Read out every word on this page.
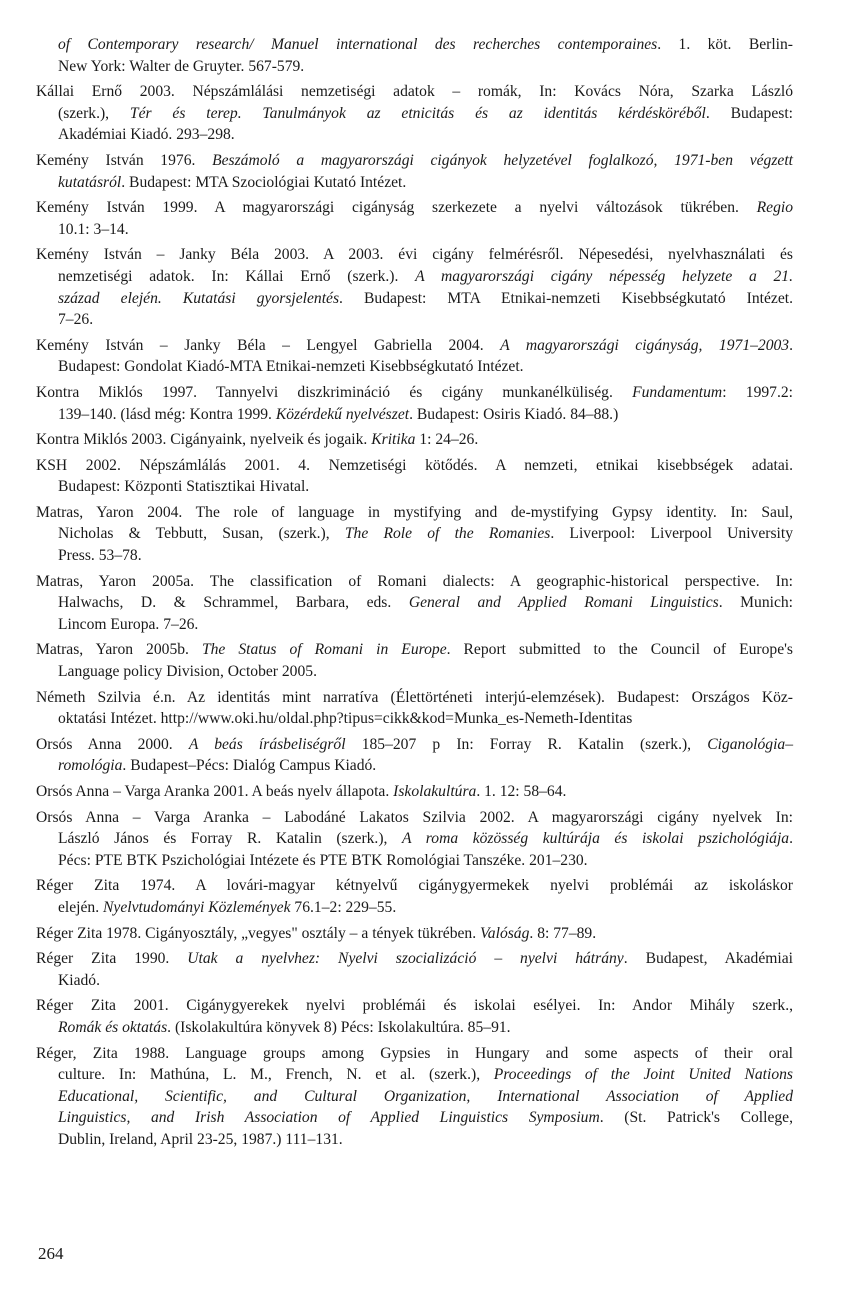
of Contemporary research/ Manuel international des recherches contemporaines. 1. köt. Berlin-
New York: Walter de Gruyter. 567-579.
Kállai Ernő 2003. Népszámlálási nemzetiségi adatok – romák, In: Kovács Nóra, Szarka László
(szerk.), Tér és terep. Tanulmányok az etnicitás és az identitás kérdésköréből. Budapest:
Akadémiai Kiadó. 293–298.
Kemény István 1976. Beszámoló a magyarországi cigányok helyzetével foglalkozó, 1971-ben végzett
kutatásról. Budapest: MTA Szociológiai Kutató Intézet.
Kemény István 1999. A magyarországi cigányság szerkezete a nyelvi változások tükrében. Regio
10.1: 3–14.
Kemény István – Janky Béla 2003. A 2003. évi cigány felmérésről. Népesedési, nyelvhasználati és
nemzetiségi adatok. In: Kállai Ernő (szerk.). A magyarországi cigány népesség helyzete a 21.
század elején. Kutatási gyorsjelentés. Budapest: MTA Etnikai-nemzeti Kisebbségkutató Intézet.
7–26.
Kemény István – Janky Béla – Lengyel Gabriella 2004. A magyarországi cigányság, 1971–2003.
Budapest: Gondolat Kiadó-MTA Etnikai-nemzeti Kisebbségkutató Intézet.
Kontra Miklós 1997. Tannyelvi diszkrimináció és cigány munkanélküliség. Fundamentum: 1997.2:
139–140. (lásd még: Kontra 1999. Közérdekű nyelvészet. Budapest: Osiris Kiadó. 84–88.)
Kontra Miklós 2003. Cigányaink, nyelveik és jogaik. Kritika 1: 24–26.
KSH 2002. Népszámlálás 2001. 4. Nemzetiségi kötődés. A nemzeti, etnikai kisebbségek adatai.
Budapest: Központi Statisztikai Hivatal.
Matras, Yaron 2004. The role of language in mystifying and de-mystifying Gypsy identity. In: Saul,
Nicholas & Tebbutt, Susan, (szerk.), The Role of the Romanies. Liverpool: Liverpool University
Press. 53–78.
Matras, Yaron 2005a. The classification of Romani dialects: A geographic-historical perspective. In:
Halwachs, D. & Schrammel, Barbara, eds. General and Applied Romani Linguistics. Munich:
Lincom Europa. 7–26.
Matras, Yaron 2005b. The Status of Romani in Europe. Report submitted to the Council of Europe's
Language policy Division, October 2005.
Németh Szilvia é.n. Az identitás mint narratíva (Élettörténeti interjú-elemzések). Budapest: Országos Köz-
oktatási Intézet. http://www.oki.hu/oldal.php?tipus=cikk&kod=Munka_es-Nemeth-Identitas
Orsós Anna 2000. A beás írásbeliségről 185–207 p In: Forray R. Katalin (szerk.), Ciganológia–
romológia. Budapest–Pécs: Dialóg Campus Kiadó.
Orsós Anna – Varga Aranka 2001. A beás nyelv állapota. Iskolakultúra. 1. 12: 58–64.
Orsós Anna – Varga Aranka – Labodáné Lakatos Szilvia 2002. A magyarországi cigány nyelvek In:
László János és Forray R. Katalin (szerk.), A roma közösség kultúrája és iskolai pszichológiája.
Pécs: PTE BTK Pszichológiai Intézete és PTE BTK Romológiai Tanszéke. 201–230.
Réger Zita 1974. A lovári-magyar kétnyelvű cigánygyermekek nyelvi problémái az iskoláskor
elején. Nyelvtudományi Közlemények 76.1–2: 229–55.
Réger Zita 1978. Cigányosztály, „vegyes" osztály – a tények tükrében. Valóság. 8: 77–89.
Réger Zita 1990. Utak a nyelvhez: Nyelvi szocializáció – nyelvi hátrány. Budapest, Akadémiai
Kiadó.
Réger Zita 2001. Cigánygyerekek nyelvi problémái és iskolai esélyei. In: Andor Mihály szerk.,
Romák és oktatás. (Iskolakultúra könyvek 8) Pécs: Iskolakultúra. 85–91.
Réger, Zita 1988. Language groups among Gypsies in Hungary and some aspects of their oral
culture. In: Mathúna, L. M., French, N. et al. (szerk.), Proceedings of the Joint United Nations
Educational, Scientific, and Cultural Organization, International Association of Applied
Linguistics, and Irish Association of Applied Linguistics Symposium. (St. Patrick's College,
Dublin, Ireland, April 23-25, 1987.) 111–131.
264
